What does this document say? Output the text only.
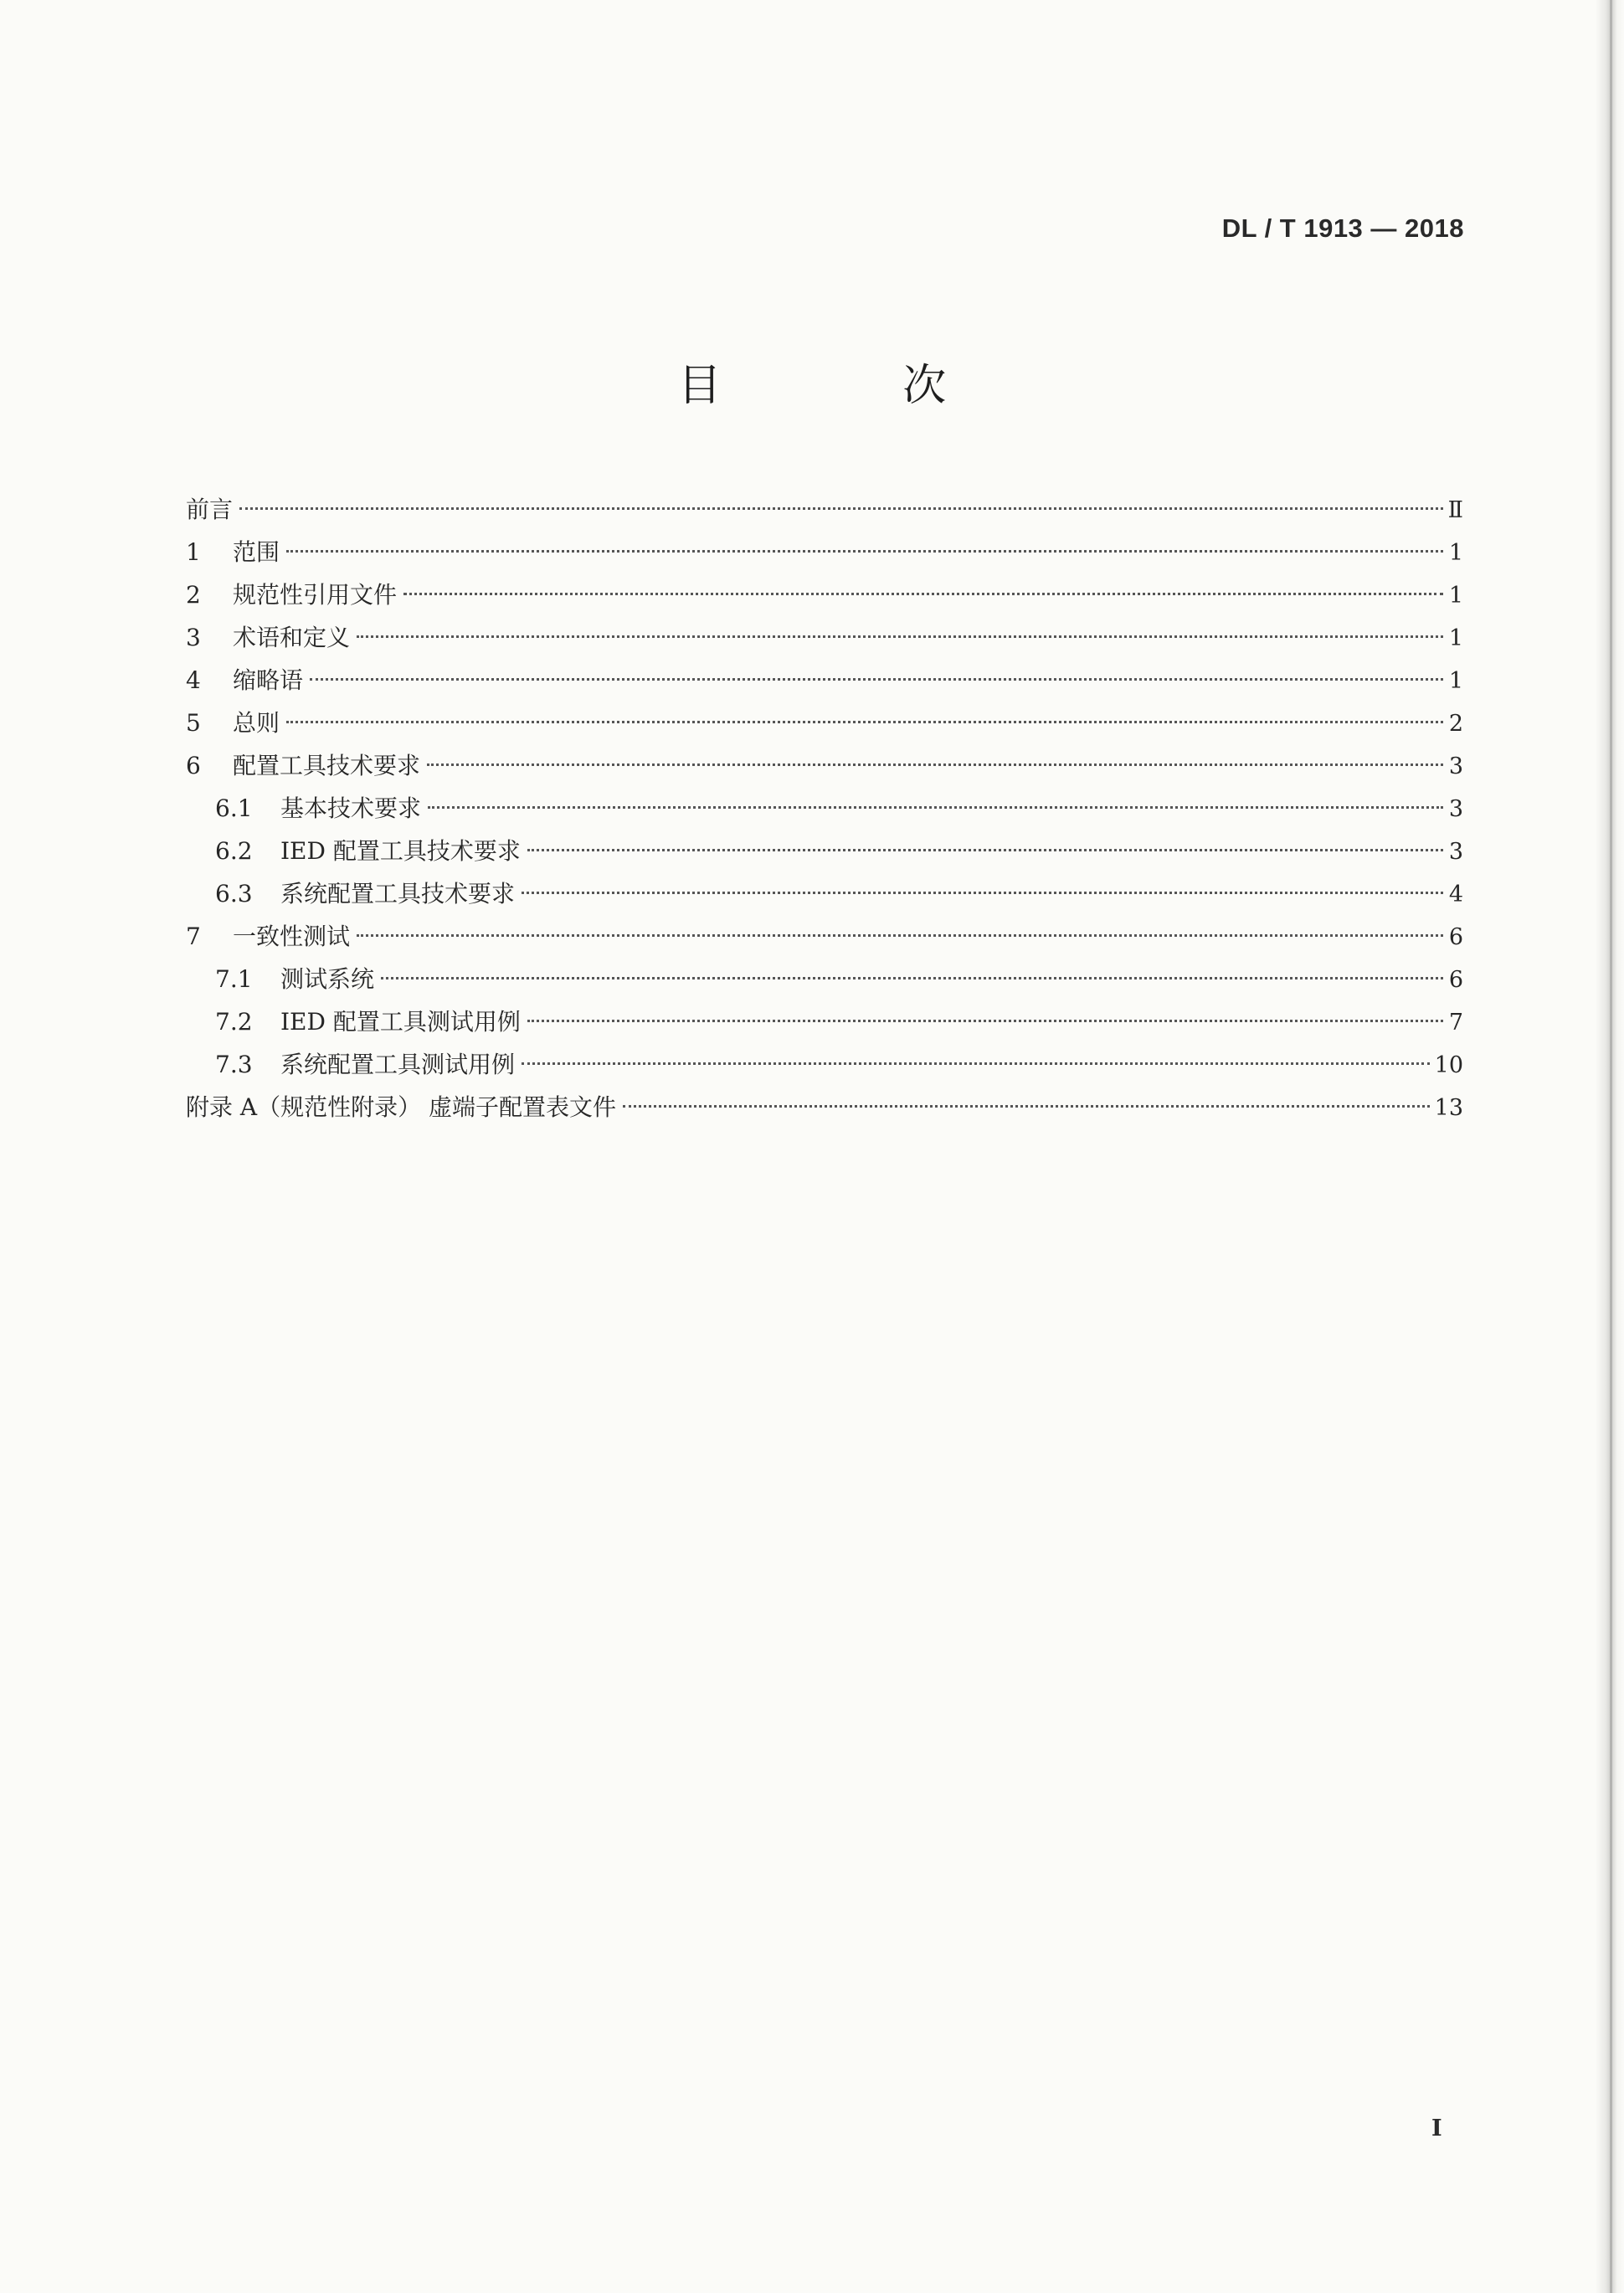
DL / T 1913 — 2018
目 次
前言	Ⅱ
1	范围	1
2	规范性引用文件	1
3	术语和定义	1
4	缩略语	1
5	总则	2
6	配置工具技术要求	3
6.1	基本技术要求	3
6.2	IED 配置工具技术要求	3
6.3	系统配置工具技术要求	4
7	一致性测试	6
7.1	测试系统	6
7.2	IED 配置工具测试用例	7
7.3	系统配置工具测试用例	10
附录 A（规范性附录） 虚端子配置表文件	13
I
